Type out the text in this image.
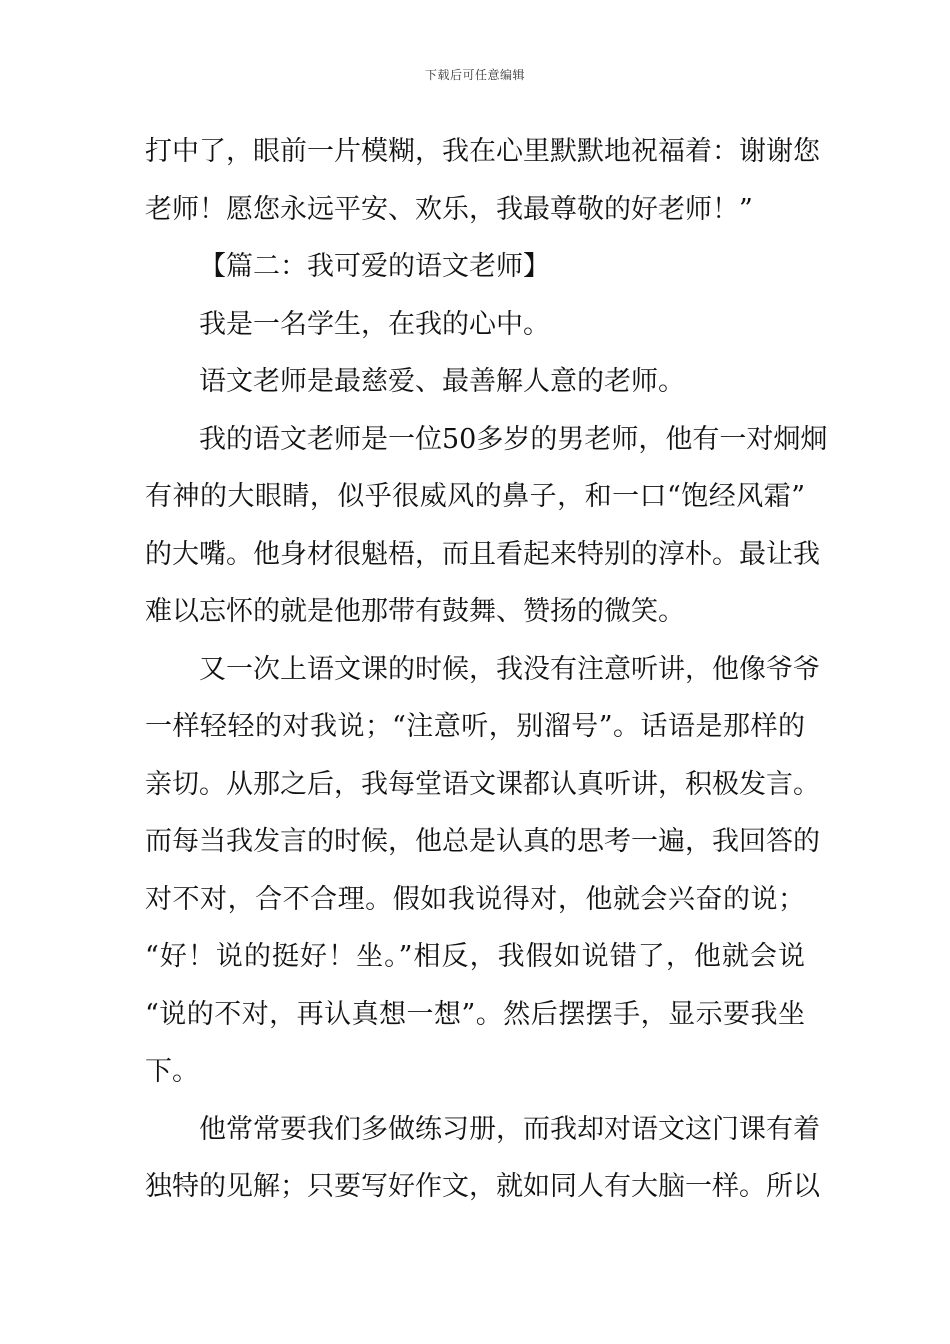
下载后可任意编辑
打中了，眼前一片模糊，我在心里默默地祝福着：谢谢您
老师！愿您永远平安、欢乐，我最尊敬的好老师！”
【篇二：我可爱的语文老师】
我是一名学生，在我的心中。
语文老师是最慈爱、最善解人意的老师。
我的语文老师是一位50多岁的男老师，他有一对炯炯
有神的大眼睛，似乎很威风的鼻子，和一口“饱经风霜”
的大嘴。他身材很魁梧，而且看起来特别的淳朴。最让我
难以忘怀的就是他那带有鼓舞、赞扬的微笑。
又一次上语文课的时候，我没有注意听讲，他像爷爷
一样轻轻的对我说；“注意听，别溜号”。话语是那样的
亲切。从那之后，我每堂语文课都认真听讲，积极发言。
而每当我发言的时候，他总是认真的思考一遍，我回答的
对不对，合不合理。假如我说得对，他就会兴奋的说；
“好！说的挺好！坐。”相反，我假如说错了，他就会说
“说的不对，再认真想一想”。然后摆摆手，显示要我坐
下。
他常常要我们多做练习册，而我却对语文这门课有着
独特的见解；只要写好作文，就如同人有大脑一样。所以
